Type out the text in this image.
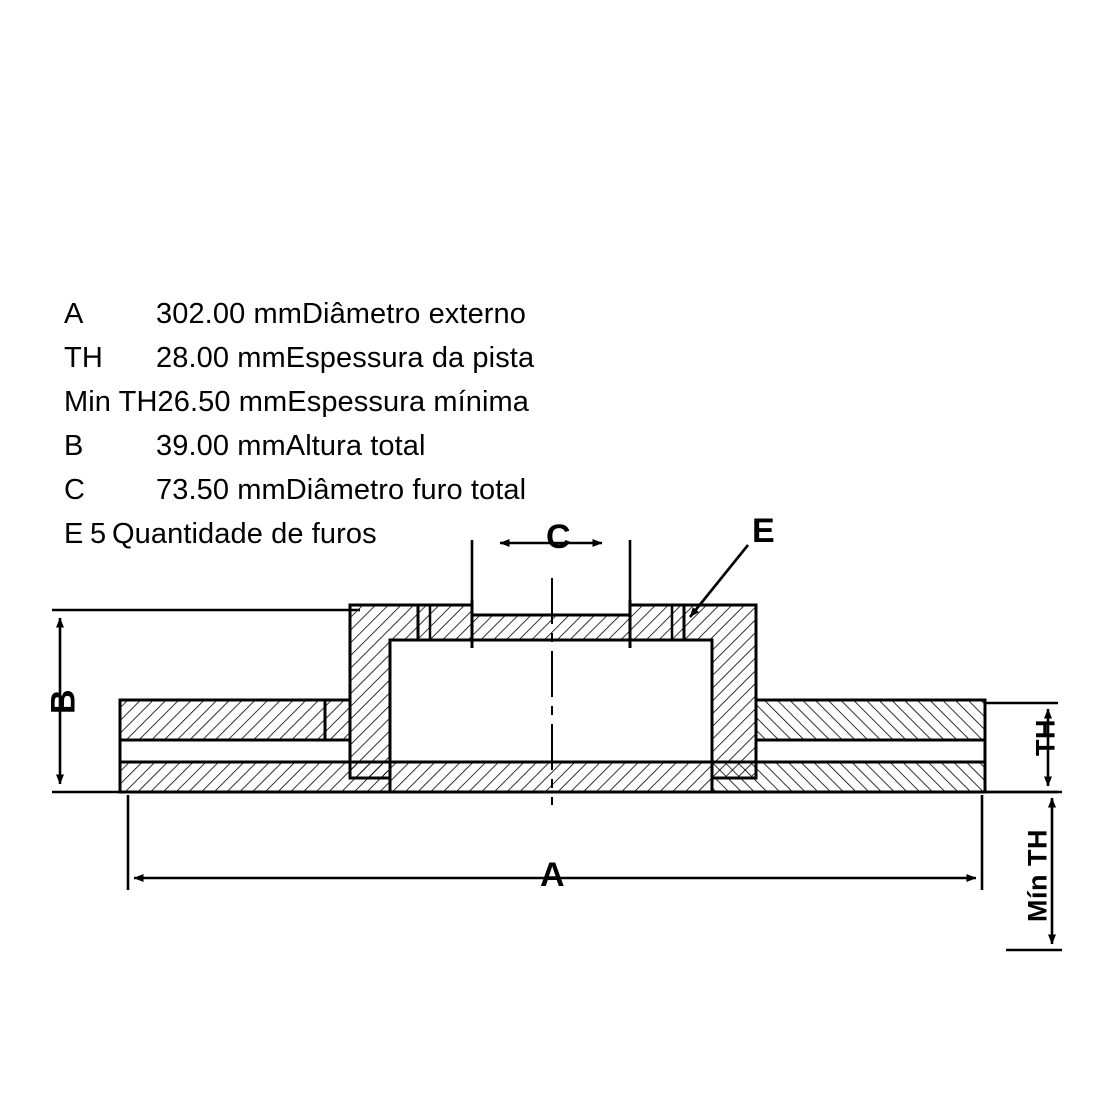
A	302.00 mm Diâmetro externo
TH	28.00 mm Espessura da pista
Min TH 26.50 mm Espessura mínima
B	39.00 mm Altura total
C	73.50 mm Diâmetro furo total
E 5 Quantidade de furos	C	E
B
A
TH
Mín TH
